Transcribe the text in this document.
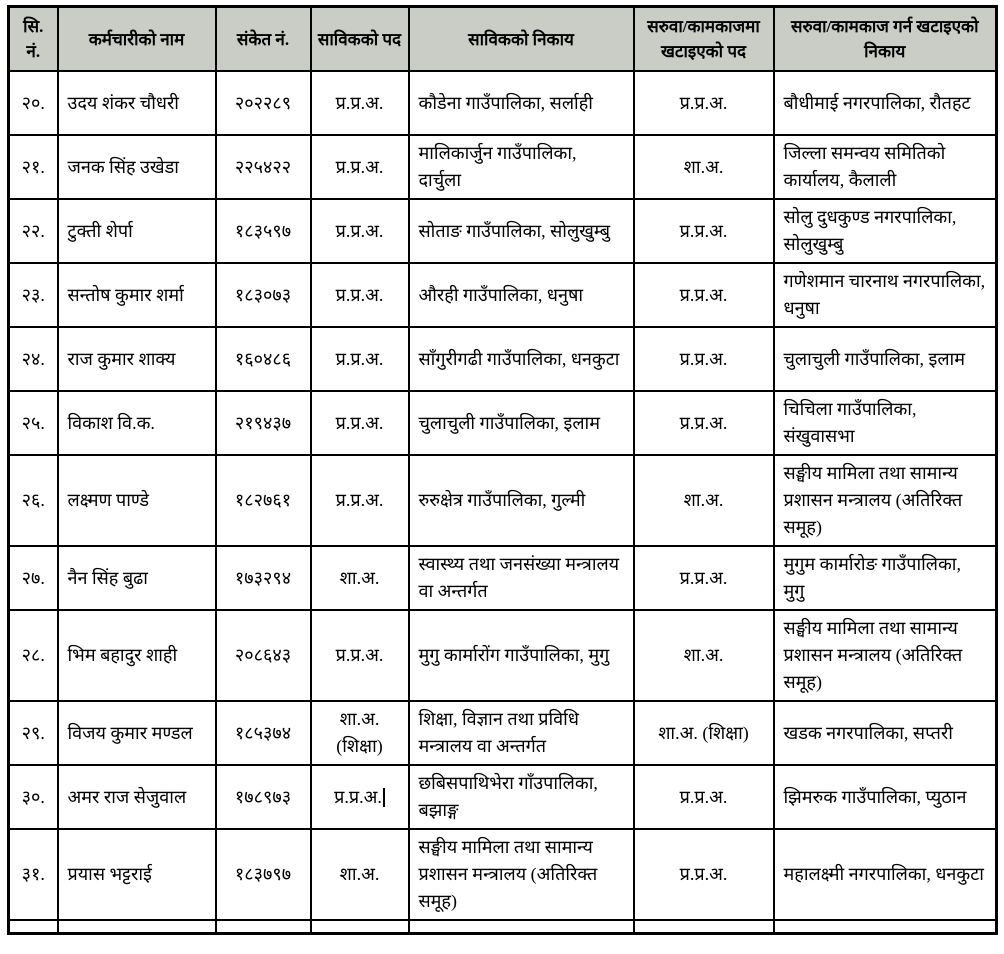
सि. नं.	कर्मचारीको नाम	संकेत नं.	साविकको पद	साविकको निकाय	सरुवा/कामकाजमा खटाइएको पद	सरुवा/कामकाज गर्न खटाइएको निकाय
२०.	उदय शंकर चौधरी	२०२२८९	प्र.प्र.अ.	कौडेना गाउँपालिका, सर्लाही	प्र.प्र.अ.	बौधीमाई नगरपालिका, रौतहट
२१.	जनक सिंह उखेडा	२२५४२२	प्र.प्र.अ.	मालिकार्जुन गाउँपालिका, दार्चुला	शा.अ.	जिल्ला समन्वय समितिको कार्यालय, कैलाली
२२.	टुक्ती शेर्पा	१८३५९७	प्र.प्र.अ.	सोताङ गाउँपालिका, सोलुखुम्बु	प्र.प्र.अ.	सोलु दुधकुण्ड नगरपालिका, सोलुखुम्बु
२३.	सन्तोष कुमार शर्मा	१८३०७३	प्र.प्र.अ.	औरही गाउँपालिका, धनुषा	प्र.प्र.अ.	गणेशमान चारनाथ नगरपालिका, धनुषा
२४.	राज कुमार शाक्य	१६०४८६	प्र.प्र.अ.	साँगुरीगढी गाउँपालिका, धनकुटा	प्र.प्र.अ.	चुलाचुली गाउँपालिका, इलाम
२५.	विकाश वि.क.	२१९४३७	प्र.प्र.अ.	चुलाचुली गाउँपालिका, इलाम	प्र.प्र.अ.	चिचिला गाउँपालिका, संखुवासभा
२६.	लक्ष्मण पाण्डे	१८२७६१	प्र.प्र.अ.	रुरुक्षेत्र गाउँपालिका, गुल्मी	शा.अ.	सङ्घीय मामिला तथा सामान्य प्रशासन मन्त्रालय (अतिरिक्त समूह)
२७.	नैन सिंह बुढा	१७३२९४	शा.अ.	स्वास्थ्य तथा जनसंख्या मन्त्रालय वा अन्तर्गत	प्र.प्र.अ.	मुगुम कार्मारोङ गाउँपालिका, मुगु
२८.	भिम बहादुर शाही	२०८६४३	प्र.प्र.अ.	मुगु कार्मारोंग गाउँपालिका, मुगु	शा.अ.	सङ्घीय मामिला तथा सामान्य प्रशासन मन्त्रालय (अतिरिक्त समूह)
२९.	विजय कुमार मण्डल	१८५३७४	शा.अ. (शिक्षा)	शिक्षा, विज्ञान तथा प्रविधि मन्त्रालय वा अन्तर्गत	शा.अ. (शिक्षा)	खडक नगरपालिका, सप्तरी
३०.	अमर राज सेजुवाल	१७८९७३	प्र.प्र.अ.	छबिसपाथिभेरा गाँउपालिका, बझाङ्ग	प्र.प्र.अ.	झिमरुक गाउँपालिका, प्युठान
३१.	प्रयास भट्टराई	१८३७९७	शा.अ.	सङ्घीय मामिला तथा सामान्य प्रशासन मन्त्रालय (अतिरिक्त समूह)	प्र.प्र.अ.	महालक्ष्मी नगरपालिका, धनकुटा
